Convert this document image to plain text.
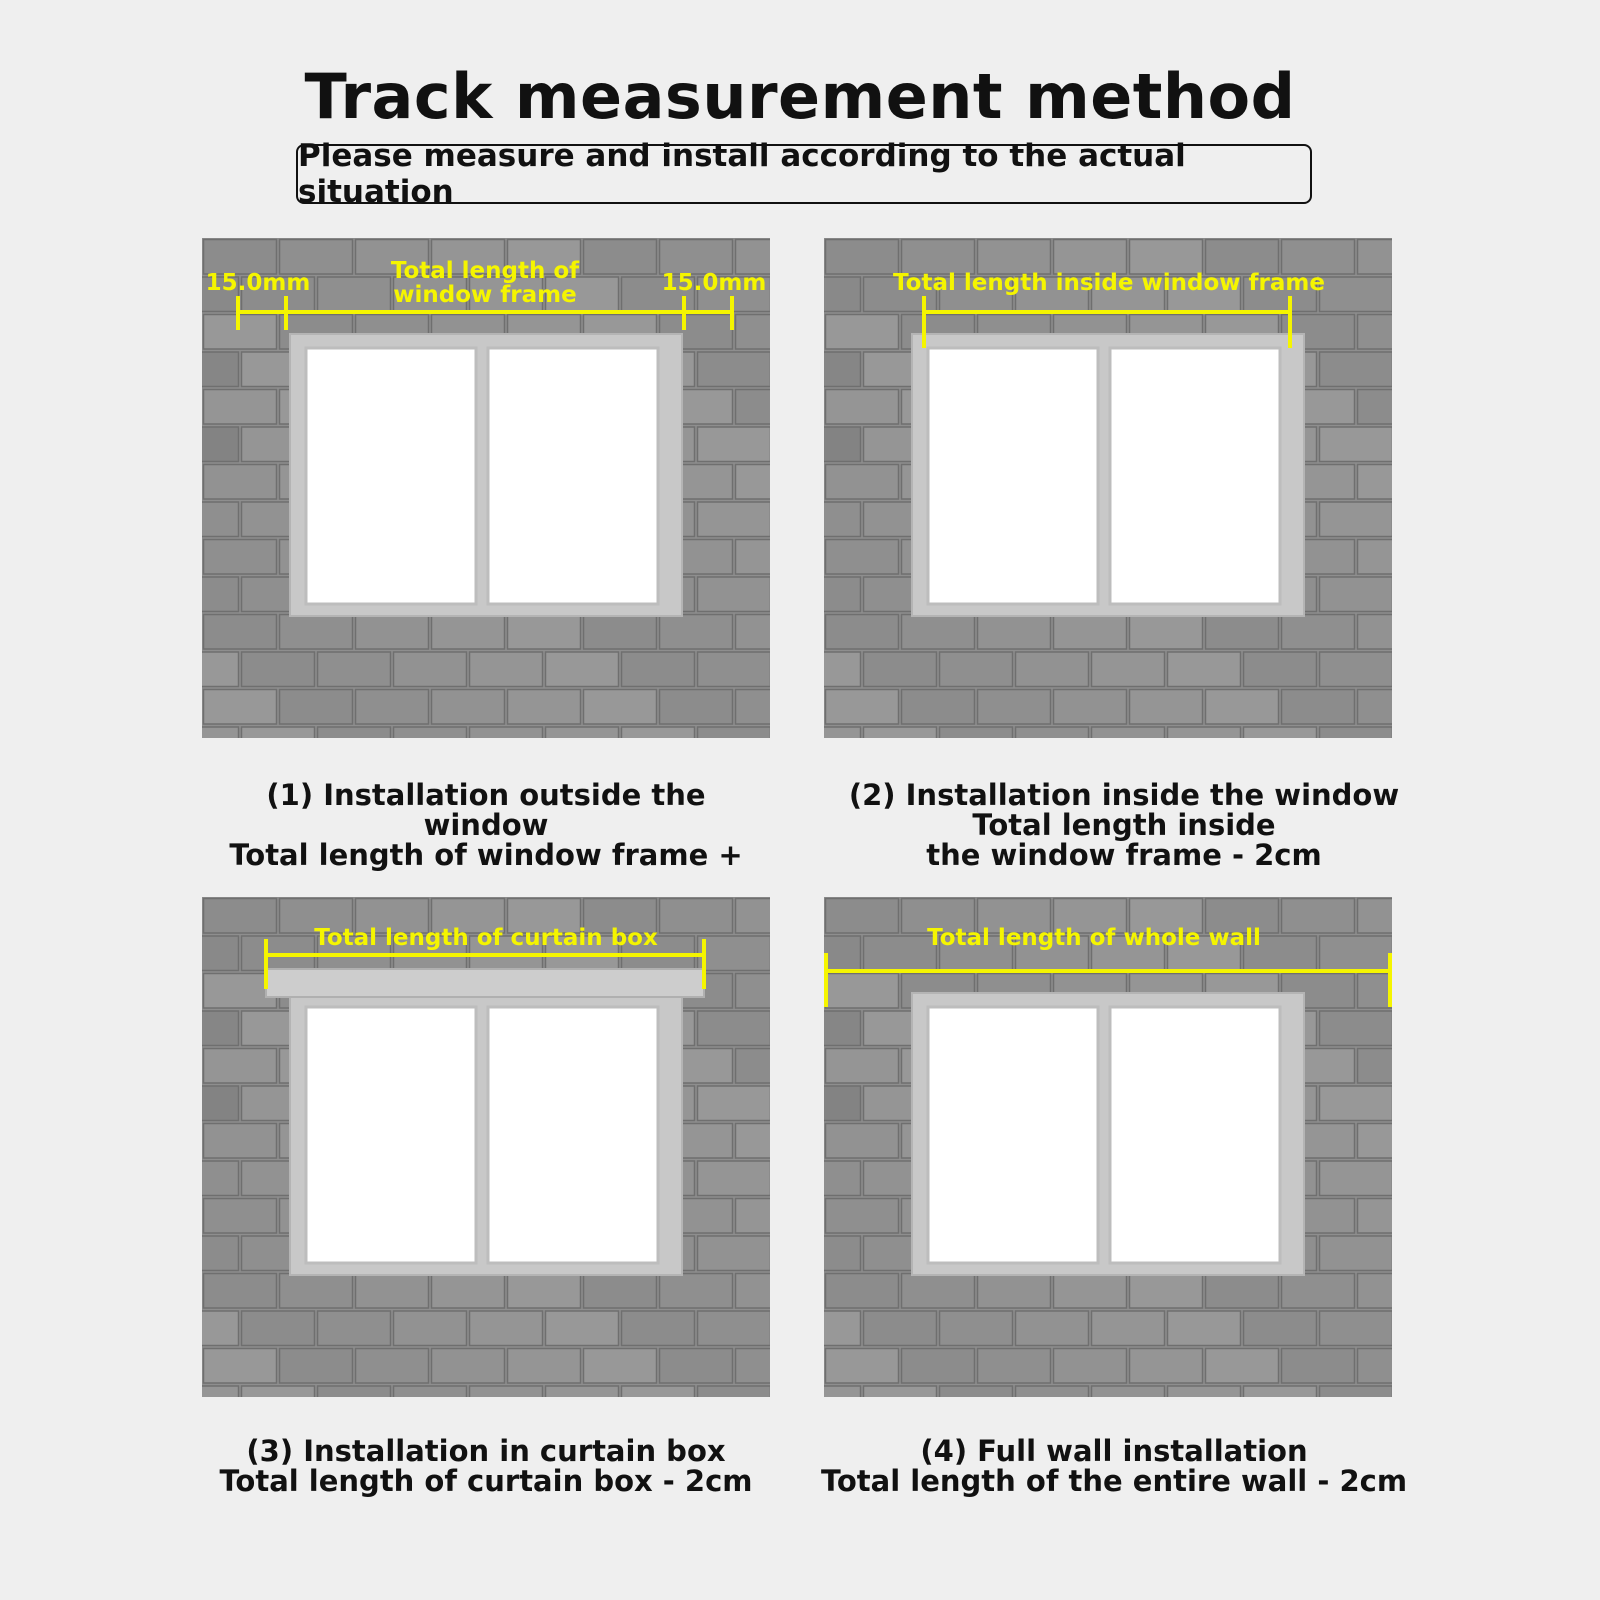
Track measurement method
Please measure and install according to the actual situation
15.0mm	Total length of
window frame	15.0mm	Total length inside window frame
Total length of curtain box	Total length of whole wall
(1) Installation outside the
window
Total length of window frame +
(2) Installation inside the window
Total length inside
the window frame - 2cm
(3) Installation in curtain box
Total length of curtain box - 2cm
(4) Full wall installation
Total length of the entire wall - 2cm
